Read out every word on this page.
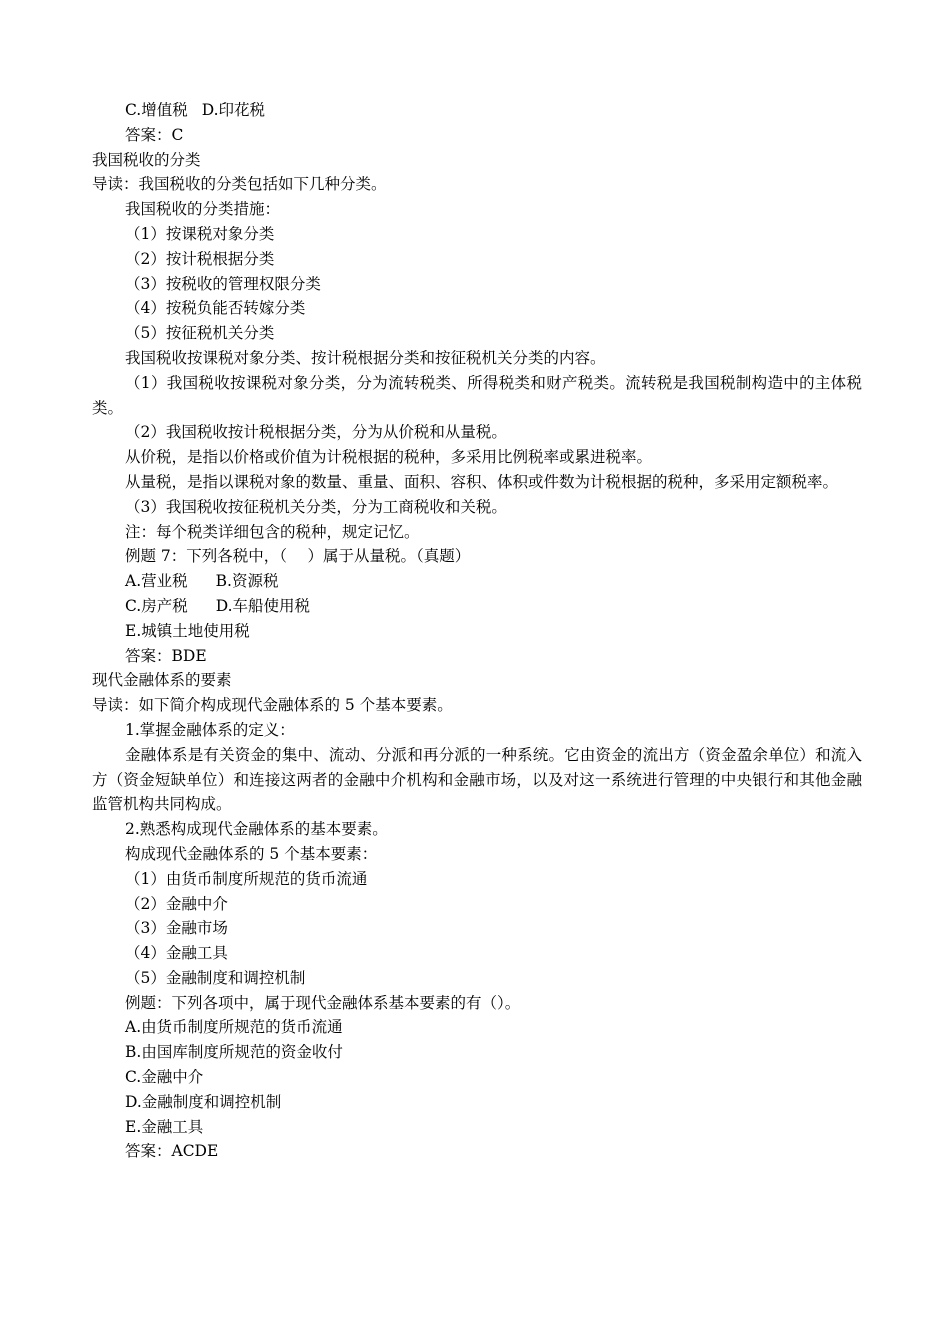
C.增值税 D.印花税

答案：C

我国税收的分类

导读：我国税收的分类包括如下几种分类。

我国税收的分类措施：

（1）按课税对象分类

（2）按计税根据分类

（3）按税收的管理权限分类

（4）按税负能否转嫁分类

（5）按征税机关分类

我国税收按课税对象分类、按计税根据分类和按征税机关分类的内容。

（1）我国税收按课税对象分类，分为流转税类、所得税类和财产税类。流转税是我国税制构造中的主体税类。

（2）我国税收按计税根据分类，分为从价税和从量税。

从价税，是指以价格或价值为计税根据的税种，多采用比例税率或累进税率。

从量税，是指以课税对象的数量、重量、面积、容积、体积或件数为计税根据的税种，多采用定额税率。

（3）我国税收按征税机关分类，分为工商税收和关税。

注：每个税类详细包含的税种，规定记忆。

例题 7：下列各税中，（　 ）属于从量税。（真题）

A.营业税 B.资源税

C.房产税 D.车船使用税

E.城镇土地使用税

答案：BDE

现代金融体系的要素

导读：如下简介构成现代金融体系的 5 个基本要素。

1.掌握金融体系的定义：

金融体系是有关资金的集中、流动、分派和再分派的一种系统。它由资金的流出方（资金盈余单位）和流入方（资金短缺单位）和连接这两者的金融中介机构和金融市场，以及对这一系统进行管理的中央银行和其他金融监管机构共同构成。

2.熟悉构成现代金融体系的基本要素。

构成现代金融体系的 5 个基本要素：

（1）由货币制度所规范的货币流通

（2）金融中介

（3）金融市场

（4）金融工具

（5）金融制度和调控机制

例题：下列各项中，属于现代金融体系基本要素的有（）。

A.由货币制度所规范的货币流通

B.由国库制度所规范的资金收付

C.金融中介

D.金融制度和调控机制

E.金融工具

答案：ACDE
